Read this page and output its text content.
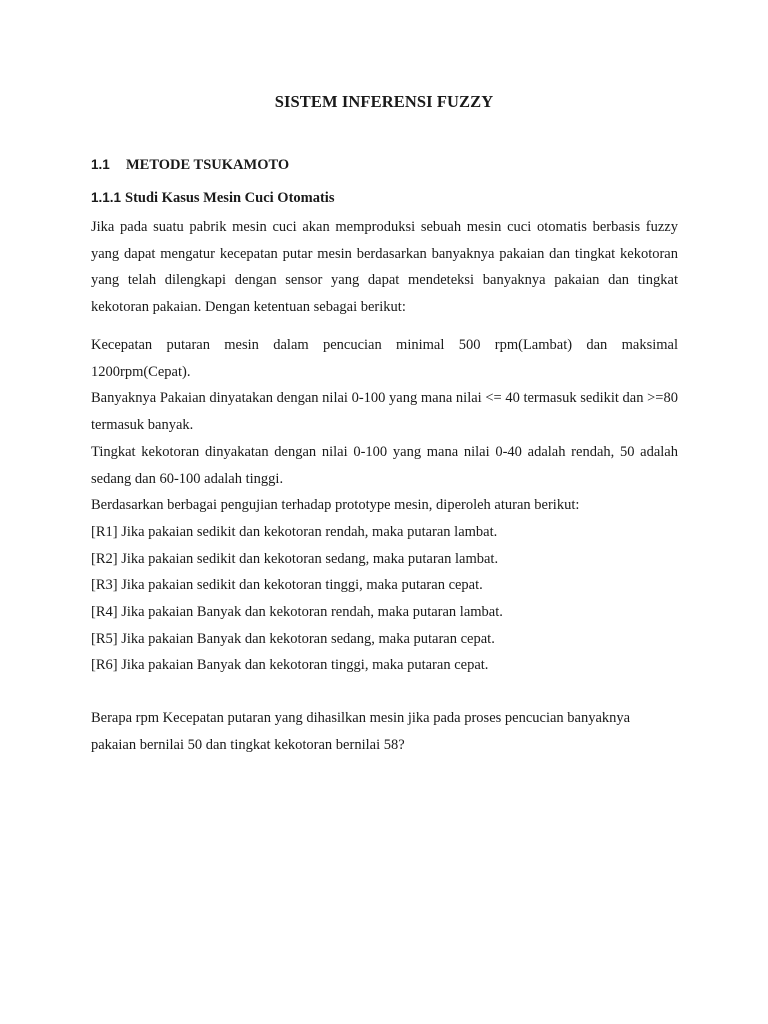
SISTEM INFERENSI FUZZY
1.1 METODE TSUKAMOTO
1.1.1 Studi Kasus Mesin Cuci Otomatis

Jika pada suatu pabrik mesin cuci akan memproduksi sebuah mesin cuci otomatis berbasis fuzzy yang dapat mengatur kecepatan putar mesin berdasarkan banyaknya pakaian dan tingkat kekotoran yang telah dilengkapi dengan sensor yang dapat mendeteksi banyaknya pakaian dan tingkat kekotoran pakaian. Dengan ketentuan sebagai berikut:

Kecepatan putaran mesin dalam pencucian minimal 500 rpm(Lambat) dan maksimal 1200rpm(Cepat).
Banyaknya Pakaian dinyatakan dengan nilai 0-100 yang mana nilai <= 40 termasuk sedikit dan >=80 termasuk banyak.
Tingkat kekotoran dinyakatan dengan nilai 0-100 yang mana nilai 0-40 adalah rendah, 50 adalah sedang dan 60-100 adalah tinggi.
Berdasarkan berbagai pengujian terhadap prototype mesin, diperoleh aturan berikut:
[R1] Jika pakaian sedikit dan kekotoran rendah, maka putaran lambat.
[R2] Jika pakaian sedikit dan kekotoran sedang, maka putaran lambat.
[R3] Jika pakaian sedikit dan kekotoran tinggi, maka putaran cepat.
[R4] Jika pakaian Banyak dan kekotoran rendah, maka putaran lambat.
[R5] Jika pakaian Banyak dan kekotoran sedang, maka putaran cepat.
[R6] Jika pakaian Banyak dan kekotoran tinggi, maka putaran cepat.

Berapa rpm Kecepatan putaran yang dihasilkan mesin jika pada proses pencucian banyaknya pakaian bernilai 50 dan tingkat kekotoran bernilai 58?
